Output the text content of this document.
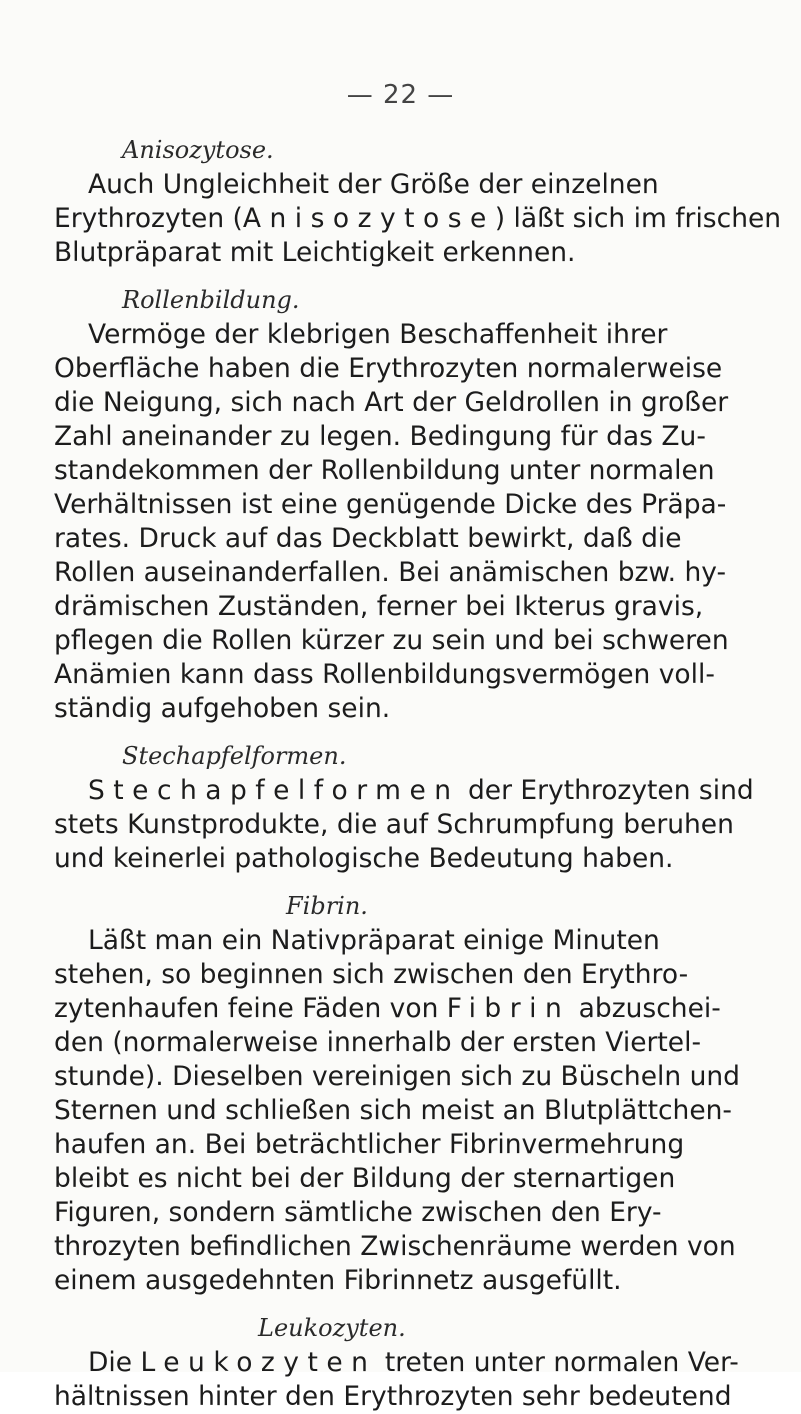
— 22 —

Anisozytose.

Auch Ungleichheit der Größe der einzelnen

Erythrozyten (Anisozytose) läßt sich im frischen

Blutpräparat mit Leichtigkeit erkennen.

Rollenbildung.

Vermöge der klebrigen Beschaffenheit ihrer

Oberfläche haben die Erythrozyten normalerweise

die Neigung, sich nach Art der Geldrollen in großer

Zahl aneinander zu legen. Bedingung für das Zu-

standekommen der Rollenbildung unter normalen

Verhältnissen ist eine genügende Dicke des Präpa-

rates. Druck auf das Deckblatt bewirkt, daß die

Rollen auseinanderfallen. Bei anämischen bzw. hy-

drämischen Zuständen, ferner bei Ikterus gravis,

pflegen die Rollen kürzer zu sein und bei schweren

Anämien kann dass Rollenbildungsvermögen voll-

ständig aufgehoben sein.

Stechapfelformen.

Stechapfelformen der Erythrozyten sind

stets Kunstprodukte, die auf Schrumpfung beruhen

und keinerlei pathologische Bedeutung haben.

Fibrin.

Läßt man ein Nativpräparat einige Minuten

stehen, so beginnen sich zwischen den Erythro-

zytenhaufen feine Fäden von Fibrin abzuschei-

den (normalerweise innerhalb der ersten Viertel-

stunde). Dieselben vereinigen sich zu Büscheln und

Sternen und schließen sich meist an Blutplättchen-

haufen an. Bei beträchtlicher Fibrinvermehrung

bleibt es nicht bei der Bildung der sternartigen

Figuren, sondern sämtliche zwischen den Ery-

throzyten befindlichen Zwischenräume werden von

einem ausgedehnten Fibrinnetz ausgefüllt.

Leukozyten.

Die Leukozyten treten unter normalen Ver-

hältnissen hinter den Erythrozyten sehr bedeutend
